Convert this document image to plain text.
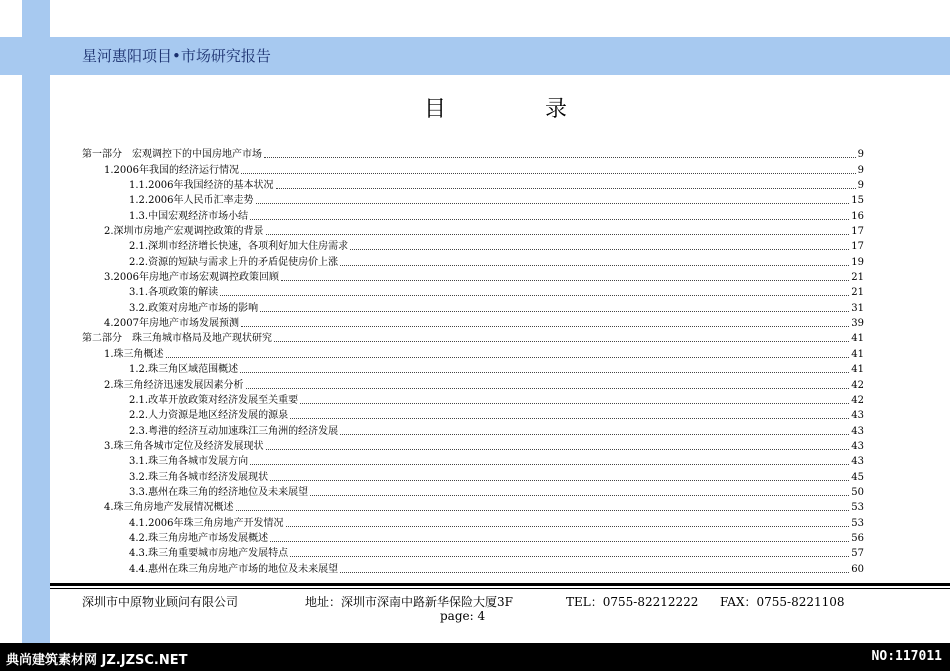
星河惠阳项目•市场研究报告
目 录
第一部分　宏观调控下的中国房地产市场	9
1.2006年我国的经济运行情况	9
1.1.2006年我国经济的基本状况	9
1.2.2006年人民币汇率走势	15
1.3.中国宏观经济市场小结	16
2.深圳市房地产宏观调控政策的背景	17
2.1.深圳市经济增长快速，各项利好加大住房需求	17
2.2.资源的短缺与需求上升的矛盾促使房价上涨	19
3.2006年房地产市场宏观调控政策回顾	21
3.1.各项政策的解读	21
3.2.政策对房地产市场的影响	31
4.2007年房地产市场发展预测	39
第二部分　珠三角城市格局及地产现状研究	41
1.珠三角概述	41
1.2.珠三角区域范围概述	41
2.珠三角经济迅速发展因素分析	42
2.1.改革开放政策对经济发展至关重要	42
2.2.人力资源是地区经济发展的源泉	43
2.3.粤港的经济互动加速珠江三角洲的经济发展	43
3.珠三角各城市定位及经济发展现状	43
3.1.珠三角各城市发展方向	43
3.2.珠三角各城市经济发展现状	45
3.3.惠州在珠三角的经济地位及未来展望	50
4.珠三角房地产发展情况概述	53
4.1.2006年珠三角房地产开发情况	53
4.2.珠三角房地产市场发展概述	56
4.3.珠三角重要城市房地产发展特点	57
4.4.惠州在珠三角房地产市场的地位及未来展望	60
深圳市中原物业顾问有限公司	地址：深圳市深南中路新华保险大厦3F	TEL：0755-82212222 FAX：0755-8221108
page: 4
典尚建筑素材网 JZ.JZSC.NET	NO:117011
